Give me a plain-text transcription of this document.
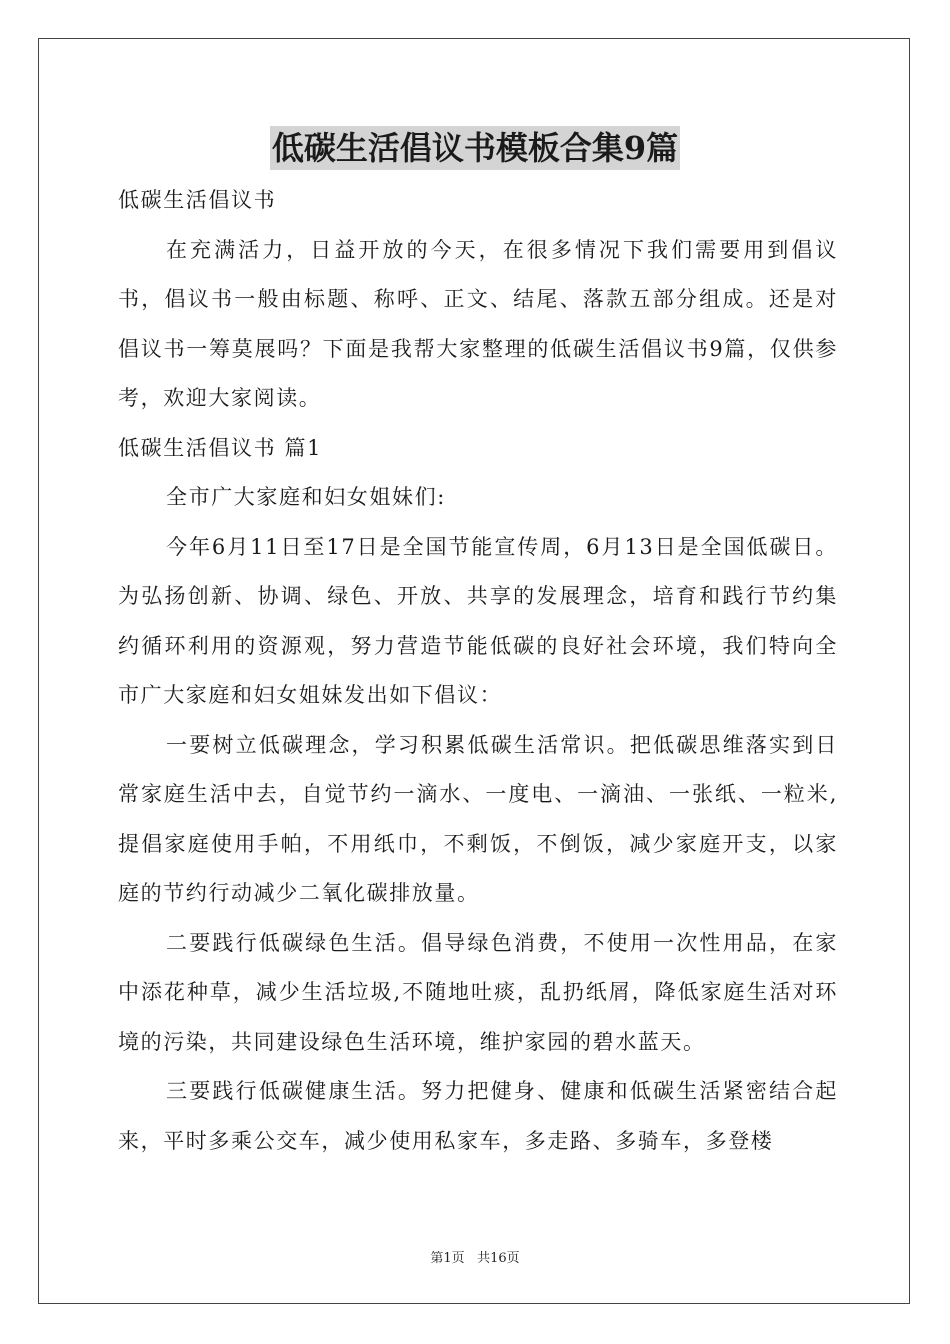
低碳生活倡议书模板合集9篇

低碳生活倡议书

在充满活力，日益开放的今天，在很多情况下我们需要用到倡议书，倡议书一般由标题、称呼、正文、结尾、落款五部分组成。还是对倡议书一筹莫展吗？下面是我帮大家整理的低碳生活倡议书9篇，仅供参考，欢迎大家阅读。

低碳生活倡议书 篇1

全市广大家庭和妇女姐妹们:

今年6月11日至17日是全国节能宣传周，6月13日是全国低碳日。为弘扬创新、协调、绿色、开放、共享的发展理念，培育和践行节约集约循环利用的资源观，努力营造节能低碳的良好社会环境，我们特向全市广大家庭和妇女姐妹发出如下倡议：

一要树立低碳理念，学习积累低碳生活常识。把低碳思维落实到日常家庭生活中去，自觉节约一滴水、一度电、一滴油、一张纸、一粒米,提倡家庭使用手帕，不用纸巾，不剩饭，不倒饭，减少家庭开支，以家庭的节约行动减少二氧化碳排放量。

二要践行低碳绿色生活。倡导绿色消费，不使用一次性用品，在家中添花种草，减少生活垃圾,不随地吐痰，乱扔纸屑，降低家庭生活对环境的污染，共同建设绿色生活环境，维护家园的碧水蓝天。

三要践行低碳健康生活。努力把健身、健康和低碳生活紧密结合起来，平时多乘公交车，减少使用私家车，多走路、多骑车，多登楼

第1页 共16页
